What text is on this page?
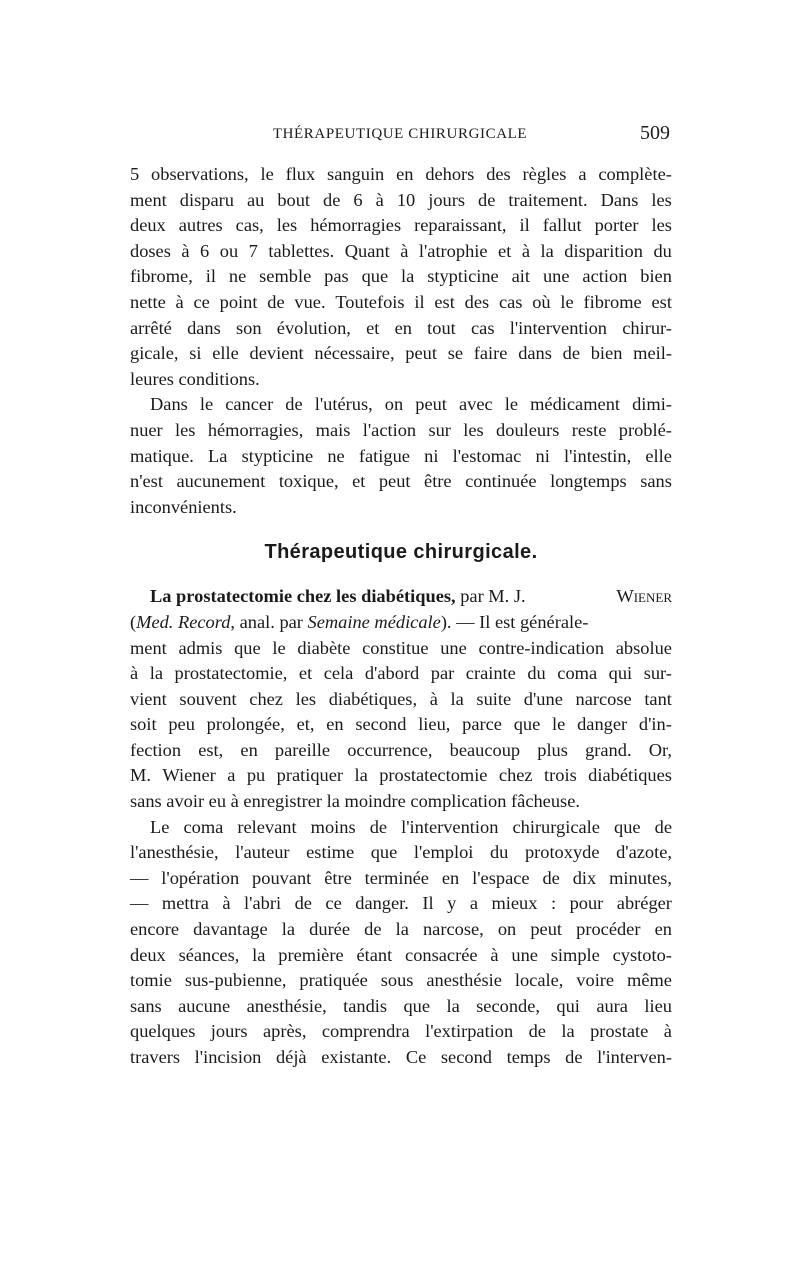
THÉRAPEUTIQUE CHIRURGICALE	509
5 observations, le flux sanguin en dehors des règles a complète-
ment disparu au bout de 6 à 10 jours de traitement. Dans les
deux autres cas, les hémorragies reparaissant, il fallut porter les
doses à 6 ou 7 tablettes. Quant à l'atrophie et à la disparition du
fibrome, il ne semble pas que la stypticine ait une action bien
nette à ce point de vue. Toutefois il est des cas où le fibrome est
arrêté dans son évolution, et en tout cas l'intervention chirur-
gicale, si elle devient nécessaire, peut se faire dans de bien meil-
leures conditions.
Dans le cancer de l'utérus, on peut avec le médicament dimi-
nuer les hémorragies, mais l'action sur les douleurs reste problé-
matique. La stypticine ne fatigue ni l'estomac ni l'intestin, elle
n'est aucunement toxique, et peut être continuée longtemps sans
inconvénients.
Thérapeutique chirurgicale.
La prostatectomie chez les diabétiques, par M. J.	Wiener
(Med. Record, anal. par Semaine médicale). — Il est générale-
ment admis que le diabète constitue une contre-indication absolue
à la prostatectomie, et cela d'abord par crainte du coma qui sur-
vient souvent chez les diabétiques, à la suite d'une narcose tant
soit peu prolongée, et, en second lieu, parce que le danger d'in-
fection est, en pareille occurrence, beaucoup plus grand. Or,
M. Wiener a pu pratiquer la prostatectomie chez trois diabétiques
sans avoir eu à enregistrer la moindre complication fâcheuse.
Le coma relevant moins de l'intervention chirurgicale que de
l'anesthésie, l'auteur estime que l'emploi du protoxyde d'azote,
— l'opération pouvant être terminée en l'espace de dix minutes,
— mettra à l'abri de ce danger. Il y a mieux : pour abréger
encore davantage la durée de la narcose, on peut procéder en
deux séances, la première étant consacrée à une simple cystoto-
tomie sus-pubienne, pratiquée sous anesthésie locale, voire même
sans aucune anesthésie, tandis que la seconde, qui aura lieu
quelques jours après, comprendra l'extirpation de la prostate à
travers l'incision déjà existante. Ce second temps de l'interven-
